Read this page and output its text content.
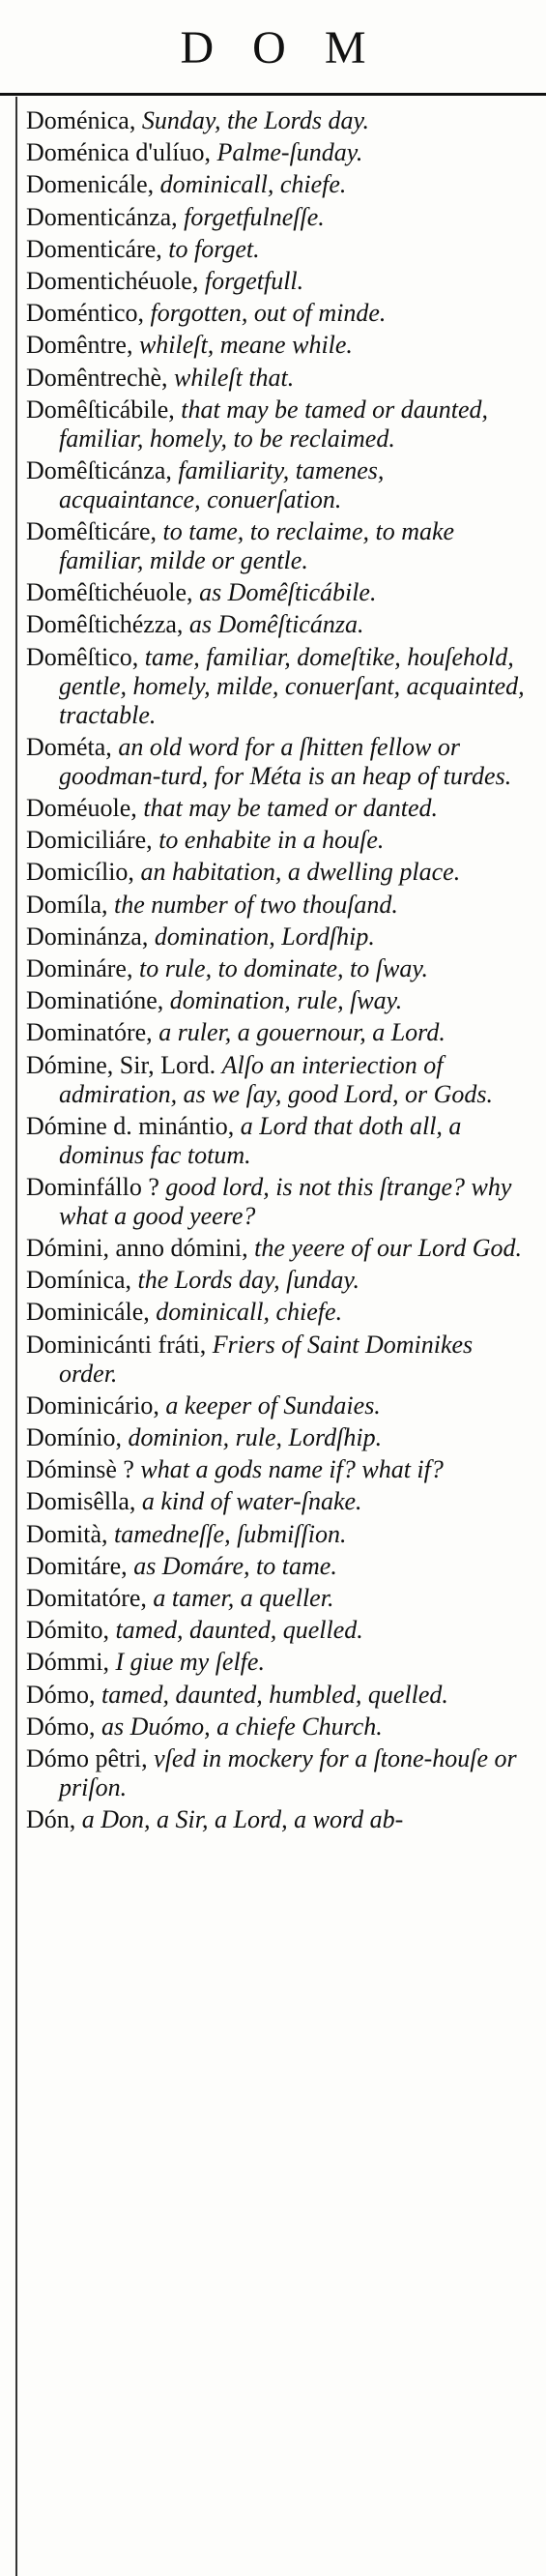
DOM
Doménica, Sunday, the Lords day.
Doménica d'ulíuo, Palme-ſunday.
Domenicále, dominicall, chiefe.
Domenticánza, forgetfulneſſe.
Domenticáre, to forget.
Domentichéuole, forgetfull.
Doméntico, forgotten, out of minde.
Domêntre, whileſt, meane while.
Domêntrechè, whileſt that.
Domêſticábile, that may be tamed or daunted, familiar, homely, to be reclaimed.
Domêſticánza, familiarity, tamenes, acquaintance, conuerſation.
Domêſticáre, to tame, to reclaime, to make familiar, milde or gentle.
Domêſtichéuole, as Domêſticábile.
Domêſtichézza, as Domêſticánza.
Domêſtico, tame, familiar, domeſtike, houſehold, gentle, homely, milde, conuerſant, acquainted, tractable.
Dométa, an old word for a ſhitten fellow or goodman-turd, for Méta is an heap of turdes.
Doméuole, that may be tamed or danted.
Domiciliáre, to enhabite in a houſe.
Domicílio, an habitation, a dwelling place.
Domíla, the number of two thouſand.
Dominánza, domination, Lordſhip.
Domináre, to rule, to dominate, to ſway.
Dominatióne, domination, rule, ſway.
Dominatóre, a ruler, a gouernour, a Lord.
Dómine, Sir, Lord. Alſo an interiection of admiration, as we ſay, good Lord, or Gods.
Dómine d. minántio, a Lord that doth all, a dominus fac totum.
Dominfállo ? good lord, is not this ſtrange? why what a good yeere?
Dómini, anno dómini, the yeere of our Lord God.
Domínica, the Lords day, ſunday.
Dominicále, dominicall, chiefe.
Dominicánti fráti, Friers of Saint Dominikes order.
Dominicário, a keeper of Sundaies.
Domínio, dominion, rule, Lordſhip.
Dóminsè ? what a gods name if? what if?
Domisêlla, a kind of water-ſnake.
Domità, tamedneſſe, ſubmiſſion.
Domitáre, as Domáre, to tame.
Domitatóre, a tamer, a queller.
Dómito, tamed, daunted, quelled.
Dómmi, I giue my ſelfe.
Dómo, tamed, daunted, humbled, quelled.
Dómo, as Duómo, a chiefe Church.
Dómo pêtri, vſed in mockery for a ſtone-houſe or priſon.
Dón, a Don, a Sir, a Lord, a word ab-
